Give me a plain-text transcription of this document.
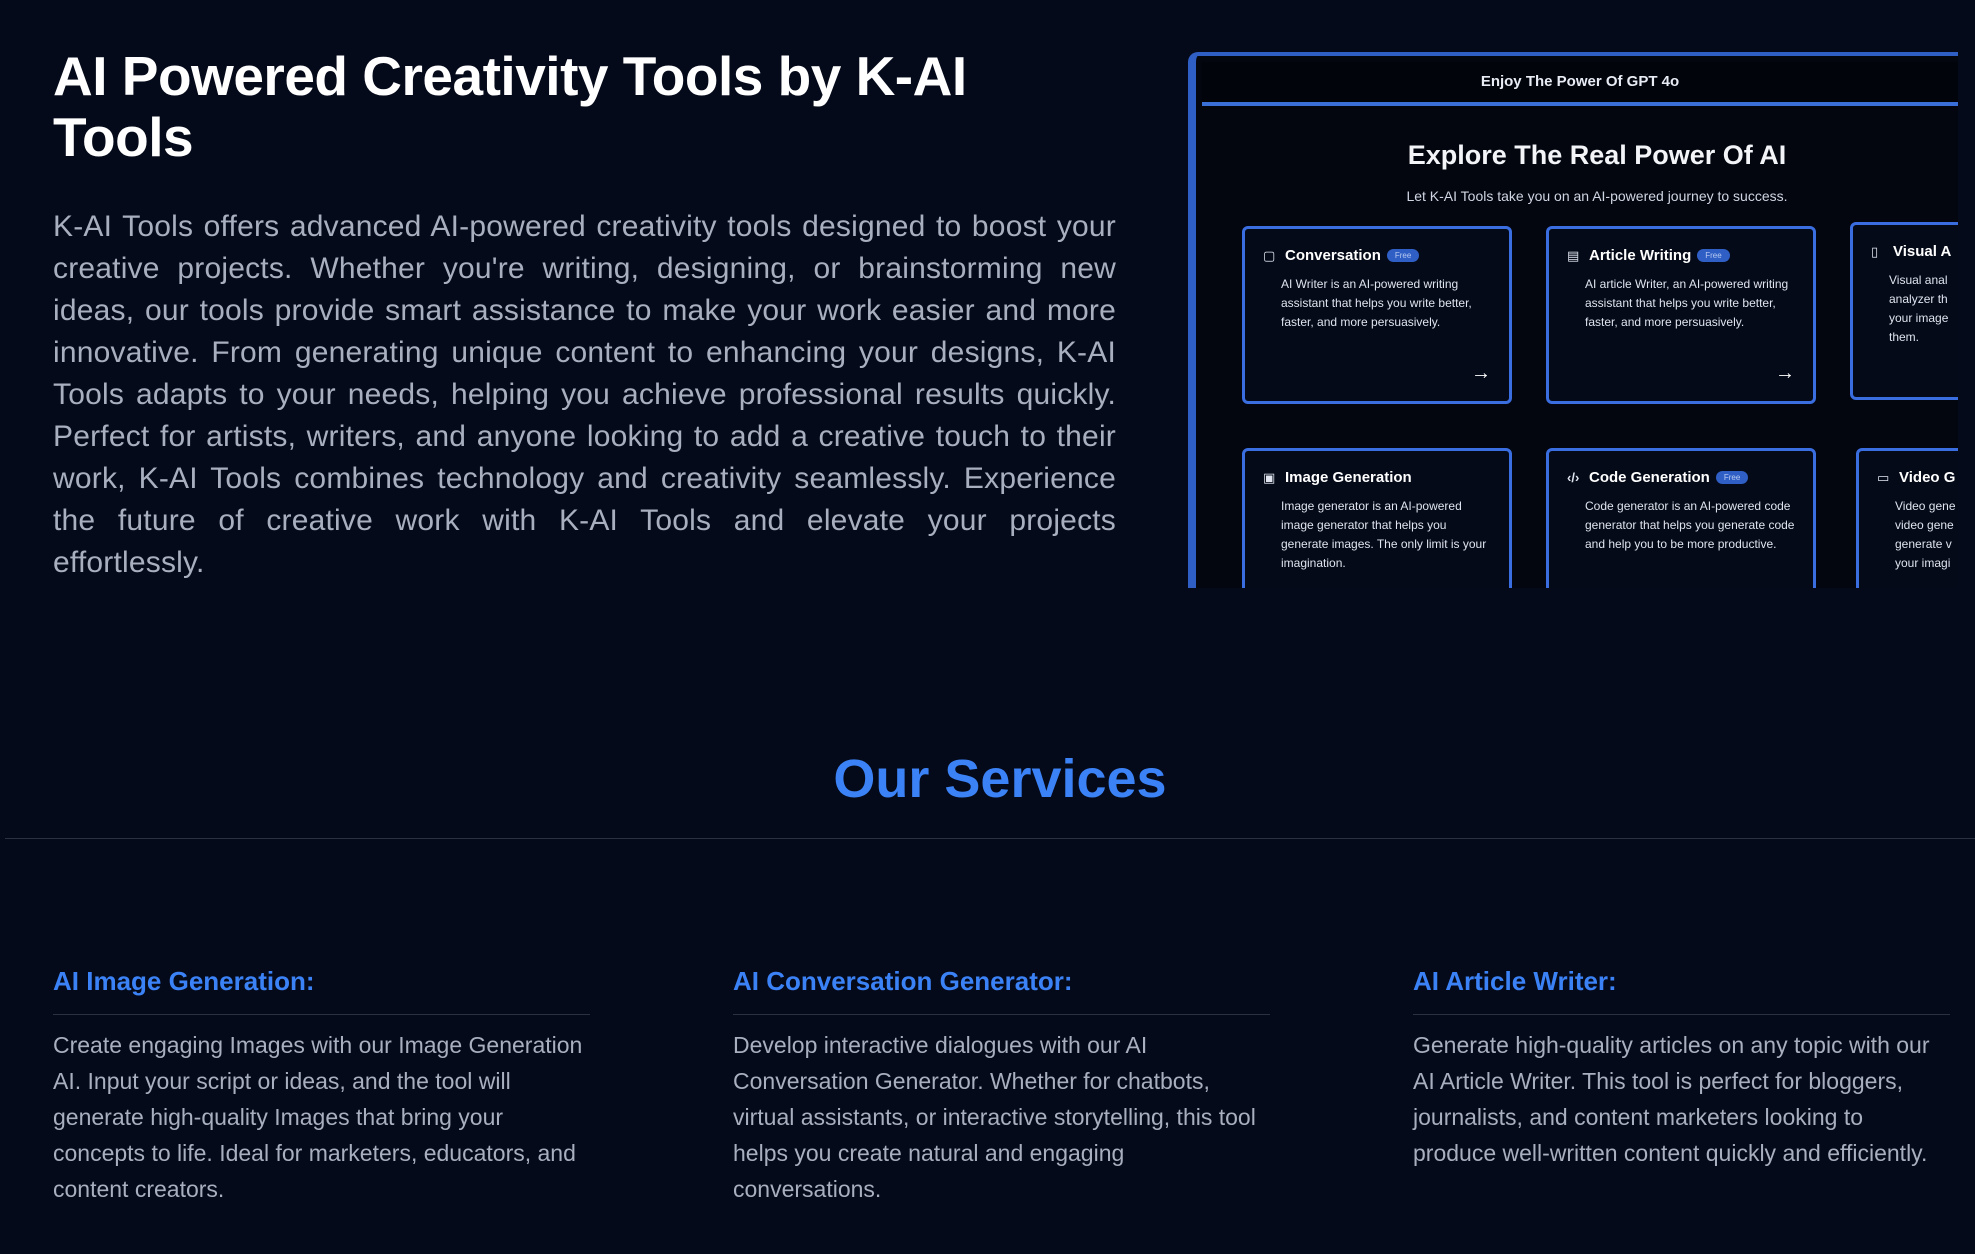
AI Powered Creativity Tools by K-AI Tools

K-AI Tools offers advanced AI-powered creativity tools designed to boost your creative projects. Whether you're writing, designing, or brainstorming new ideas, our tools provide smart assistance to make your work easier and more innovative. From generating unique content to enhancing your designs, K-AI Tools adapts to your needs, helping you achieve professional results quickly. Perfect for artists, writers, and anyone looking to add a creative touch to their work, K-AI Tools combines technology and creativity seamlessly. Experience the future of creative work with K-AI Tools and elevate your projects effortlessly.

Enjoy The Power Of GPT 4o
Explore The Real Power Of AI
Let K-AI Tools take you on an AI-powered journey to success.
▢ Conversation	Free
AI Writer is an AI-powered writing assistant that helps you write better, faster, and more persuasively.
→
▤ Article Writing	Free
AI article Writer, an AI-powered writing assistant that helps you write better, faster, and more persuasively.
→
▯ Visual A
Visual anal analyzer th your image them.
▣ Image Generation
Image generator is an AI-powered image generator that helps you generate images. The only limit is your imagination.
‹/› Code Generation	Free
Code generator is an AI-powered code generator that helps you generate code and help you to be more productive.
▭ Video G
Video gene video gene generate v your imagi
Our Services
AI Image Generation:

Create engaging Images with our Image Generation AI. Input your script or ideas, and the tool will generate high-quality Images that bring your concepts to life. Ideal for marketers, educators, and content creators.

AI Conversation Generator:

Develop interactive dialogues with our AI Conversation Generator. Whether for chatbots, virtual assistants, or interactive storytelling, this tool helps you create natural and engaging conversations.

AI Article Writer:

Generate high-quality articles on any topic with our AI Article Writer. This tool is perfect for bloggers, journalists, and content marketers looking to produce well-written content quickly and efficiently.
